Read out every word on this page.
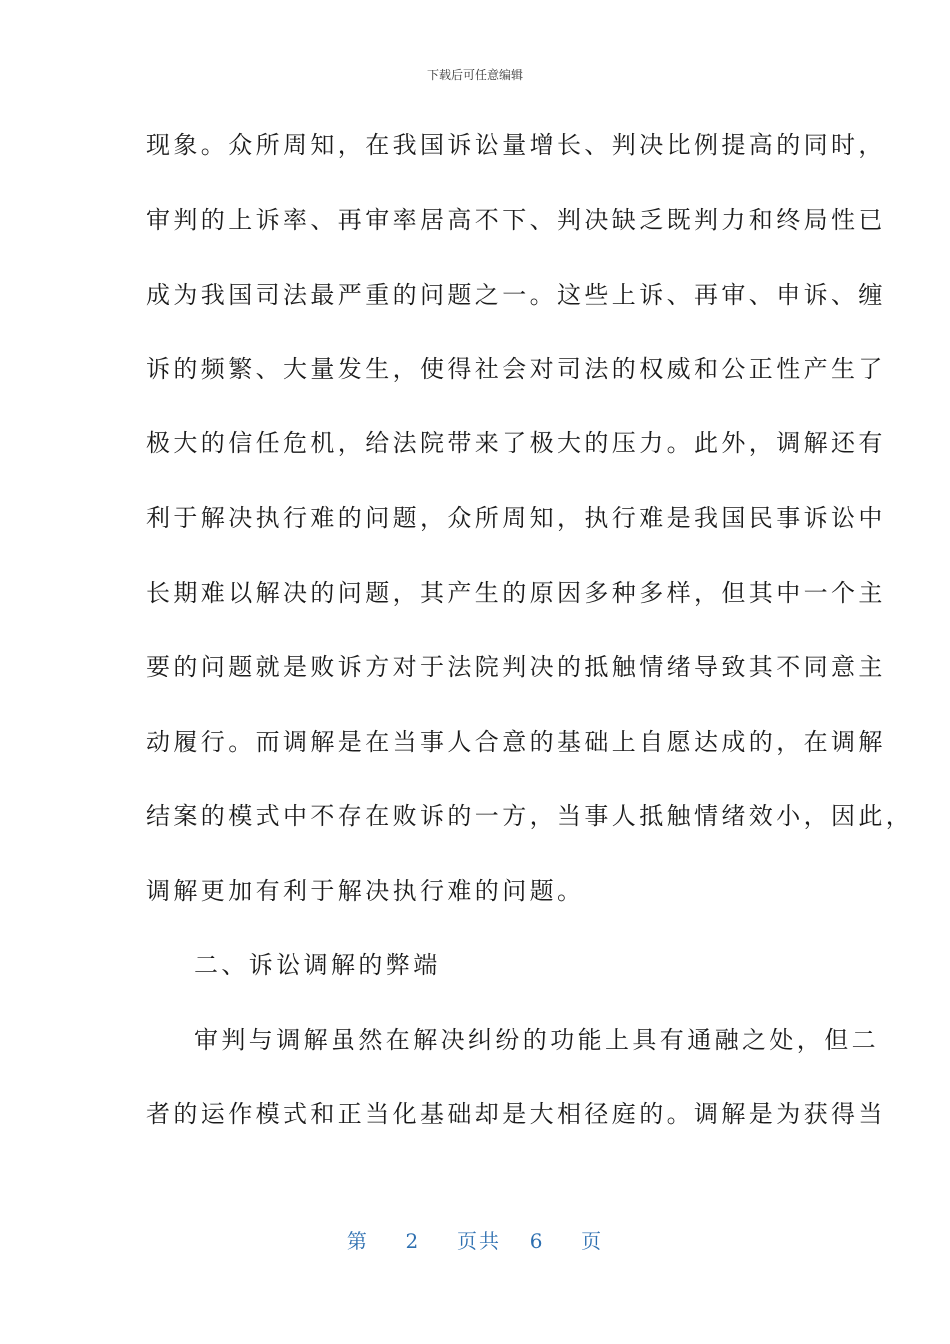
下载后可任意编辑
现象。众所周知，在我国诉讼量增长、判决比例提高的同时，
审判的上诉率、再审率居高不下、判决缺乏既判力和终局性已
成为我国司法最严重的问题之一。这些上诉、再审、申诉、缠
诉的频繁、大量发生，使得社会对司法的权威和公正性产生了
极大的信任危机，给法院带来了极大的压力。此外，调解还有
利于解决执行难的问题，众所周知，执行难是我国民事诉讼中
长期难以解决的问题，其产生的原因多种多样，但其中一个主
要的问题就是败诉方对于法院判决的抵触情绪导致其不同意主
动履行。而调解是在当事人合意的基础上自愿达成的，在调解
结案的模式中不存在败诉的一方，当事人抵触情绪效小，因此，
调解更加有利于解决执行难的问题。
二、诉讼调解的弊端
审判与调解虽然在解决纠纷的功能上具有通融之处，但二
者的运作模式和正当化基础却是大相径庭的。调解是为获得当
第 2 页共 6 页
